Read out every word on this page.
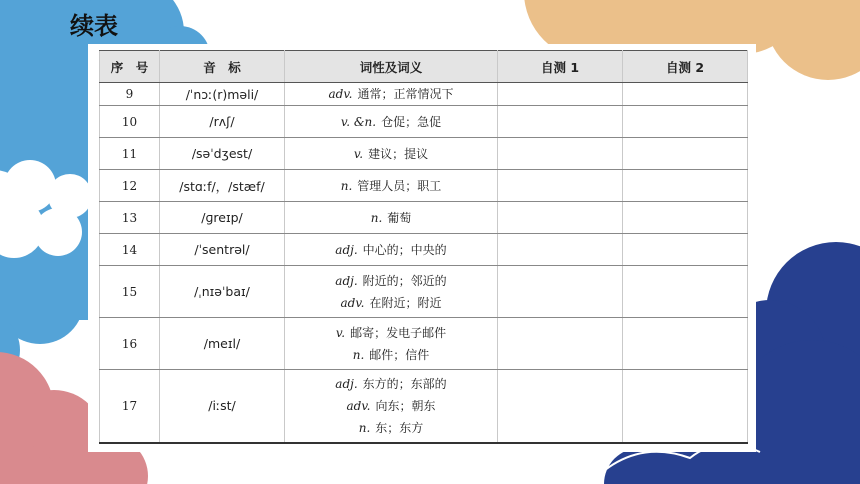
续表
序　号	音　标	词性及词义	自测 1	自测 2
9	/ˈnɔː(r)məli/	adv. 通常；正常情况下		

10	/rʌʃ/	v. &n. 仓促；急促		

11	/səˈdʒest/	v. 建议；提议		

12	/stɑːf/，/stæf/	n. 管理人员；职工		

13	/ɡreɪp/	n. 葡萄		

14	/ˈsentrəl/	adj. 中心的；中央的		

15	/ˌnɪəˈbaɪ/	adj. 附近的；邻近的
adv. 在附近；附近		

16	/meɪl/	v. 邮寄；发电子邮件
n. 邮件；信件		

17	/iːst/	adj. 东方的；东部的
adv. 向东；朝东
n. 东；东方		
